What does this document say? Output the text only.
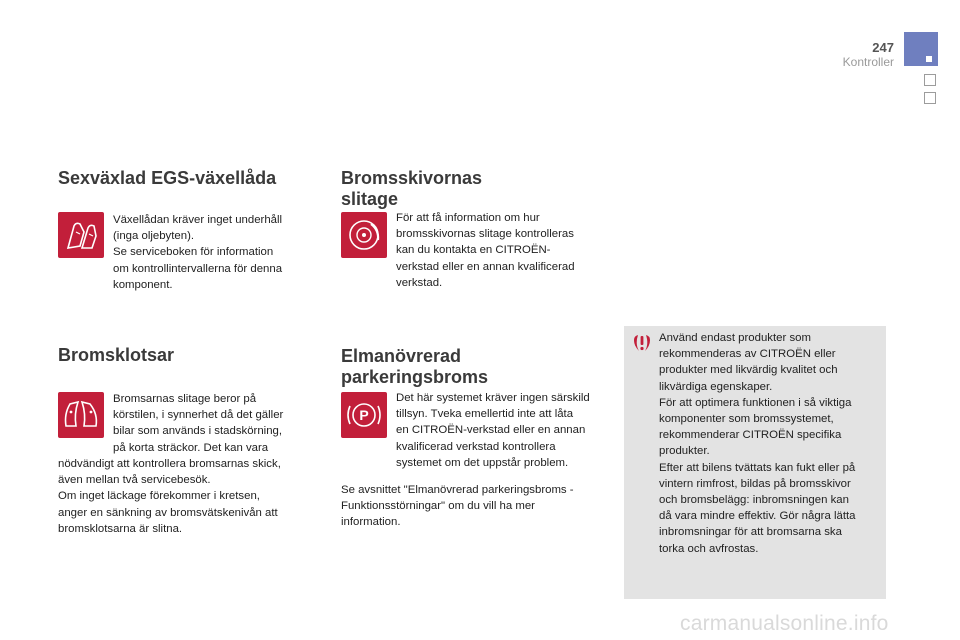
247
Kontroller
Sexväxlad EGS-växellåda

Växellådan kräver inget underhåll

(inga oljebyten).

Se serviceboken för information

om kontrollintervallerna för denna

komponent.

Bromsklotsar

Bromsarnas slitage beror på

körstilen, i synnerhet då det gäller

bilar som används i stadskörning,

på korta sträckor. Det kan vara

nödvändigt att kontrollera bromsarnas skick,

även mellan två servicebesök.

Om inget läckage förekommer i kretsen,

anger en sänkning av bromsvätskenivån att

bromsklotsarna är slitna.

Bromsskivornas
slitage

För att få information om hur

bromsskivornas slitage kontrolleras

kan du kontakta en CITROËN-

verkstad eller en annan kvalificerad

verkstad.

Elmanövrerad
parkeringsbroms
P

Det här systemet kräver ingen särskild

tillsyn. Tveka emellertid inte att låta

en CITROËN-verkstad eller en annan

kvalificerad verkstad kontrollera

systemet om det uppstår problem.

Se avsnittet "Elmanövrerad parkeringsbroms -

Funktionsstörningar" om du vill ha mer

information.

Använd endast produkter som

rekommenderas av CITROËN eller

produkter med likvärdig kvalitet och

likvärdiga egenskaper.

För att optimera funktionen i så viktiga

komponenter som bromssystemet,

rekommenderar CITROËN specifika

produkter.

Efter att bilens tvättats kan fukt eller på

vintern rimfrost, bildas på bromsskivor

och bromsbelägg: inbromsningen kan

då vara mindre effektiv. Gör några lätta

inbromsningar för att bromsarna ska

torka och avfrostas.

carmanualsonline.info
